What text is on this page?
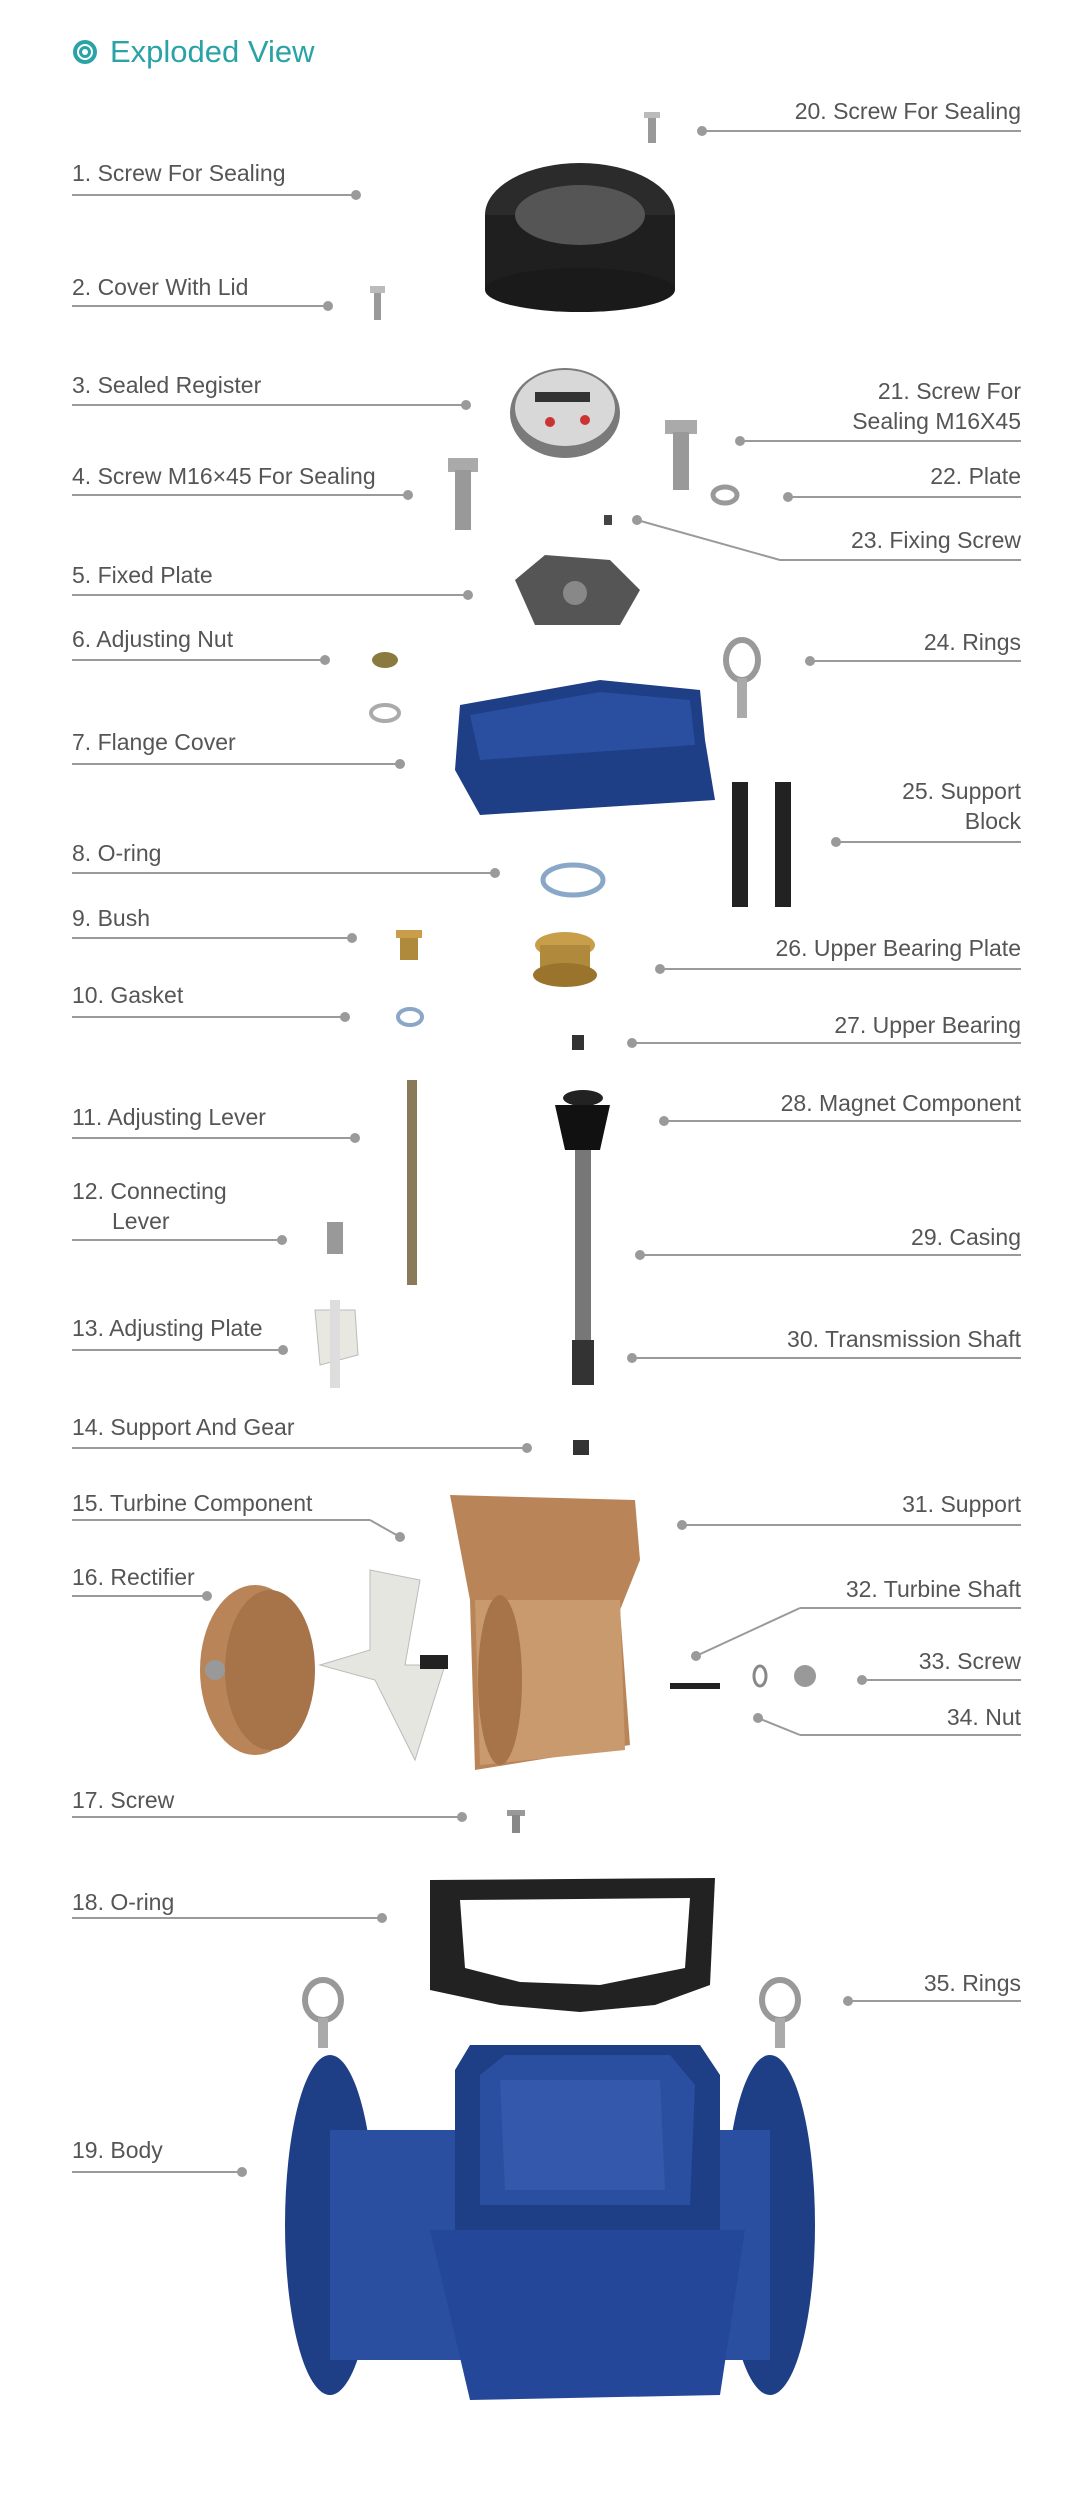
Exploded View
1. Screw For Sealing
2. Cover With Lid
3. Sealed Register
4. Screw M16×45 For Sealing
5. Fixed Plate
6. Adjusting Nut
7. Flange Cover
8. O-ring
9. Bush
10. Gasket
11. Adjusting Lever
12. Connecting
Lever
13. Adjusting Plate
14. Support And Gear
15. Turbine Component
16. Rectifier
17. Screw
18. O-ring
19. Body
20. Screw For Sealing
21. Screw For
Sealing M16X45
22. Plate
23. Fixing Screw
24. Rings
25. Support
Block
26. Upper Bearing Plate
27. Upper Bearing
28. Magnet Component
29. Casing
30. Transmission Shaft
31. Support
32. Turbine Shaft
33. Screw
34. Nut
35. Rings
